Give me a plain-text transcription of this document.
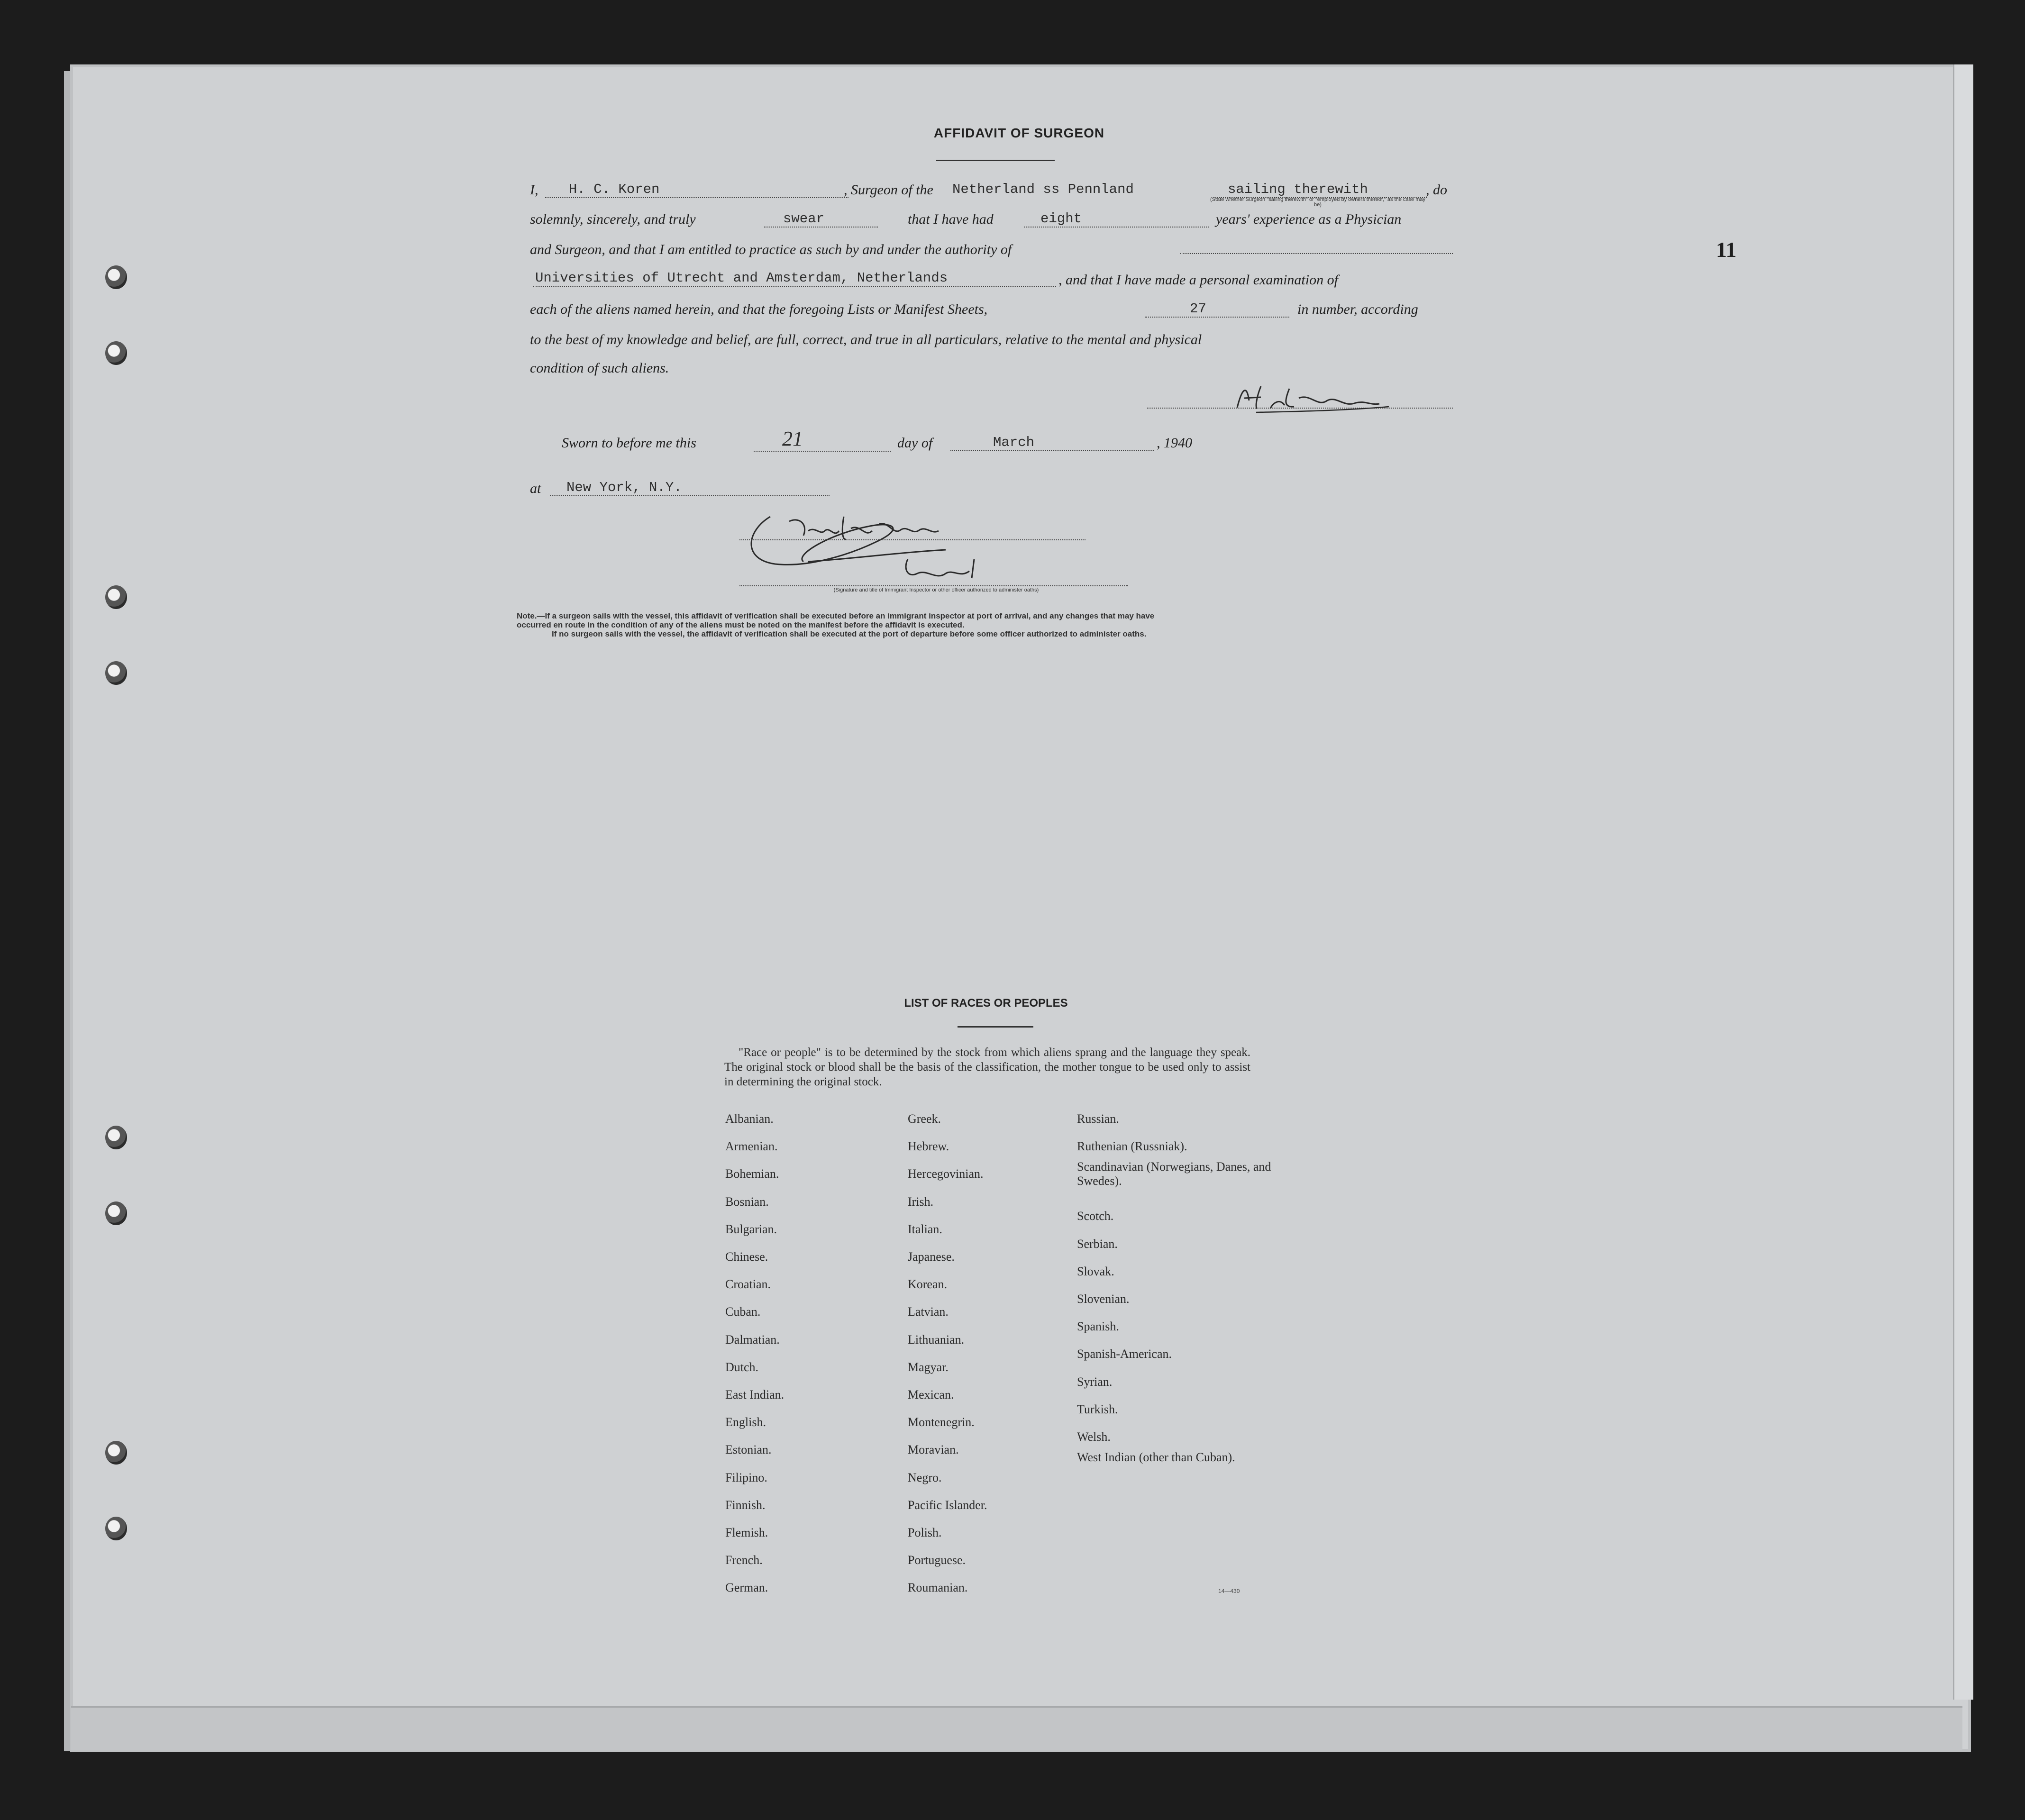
11
AFFIDAVIT OF SURGEON
I,	H. C. Koren	, Surgeon of the Netherland ss Pennland	sailing therewith	, do
(State whether Surgeon "sailing therewith" or "employed by owners thereof," as the case may be)
solemnly, sincerely, and truly	swear	that I have had	eight	years' experience as a Physician
and Surgeon, and that I am entitled to practice as such by and under the authority of
Universities of Utrecht and Amsterdam, Netherlands	, and that I have made a personal examination of
each of the aliens named herein, and that the foregoing Lists or Manifest Sheets,	27	in number, according
to the best of my knowledge and belief, are full, correct, and true in all particulars, relative to the mental and physical
condition of such aliens.
Sworn to before me this	21	day of	March	, 1940
at	New York, N.Y.
(Signature and title of Immigrant Inspector or other officer authorized to administer oaths)

Note.—If a surgeon sails with the vessel, this affidavit of verification shall be executed before an immigrant inspector at port of arrival, and any changes that may have

occurred en route in the condition of any of the aliens must be noted on the manifest before the affidavit is executed.

If no surgeon sails with the vessel, the affidavit of verification shall be executed at the port of departure before some officer authorized to administer oaths.

LIST OF RACES OR PEOPLES
"Race or people" is to be determined by the stock from which aliens sprang and the language they speak. The original stock or blood shall be the basis of the classification, the mother tongue to be used only to assist in determining the original stock.
Albanian.
Armenian.
Bohemian.
Bosnian.
Bulgarian.
Chinese.
Croatian.
Cuban.
Dalmatian.
Dutch.
East Indian.
English.
Estonian.
Filipino.
Finnish.
Flemish.
French.
German.
Greek.
Hebrew.
Hercegovinian.
Irish.
Italian.
Japanese.
Korean.
Latvian.
Lithuanian.
Magyar.
Mexican.
Montenegrin.
Moravian.
Negro.
Pacific Islander.
Polish.
Portuguese.
Roumanian.
Russian.
Ruthenian (Russniak).
Scandinavian (Norwegians, Danes, and Swedes).
Scotch.
Serbian.
Slovak.
Slovenian.
Spanish.
Spanish-American.
Syrian.
Turkish.
Welsh.
West Indian (other than Cuban).
14—430
